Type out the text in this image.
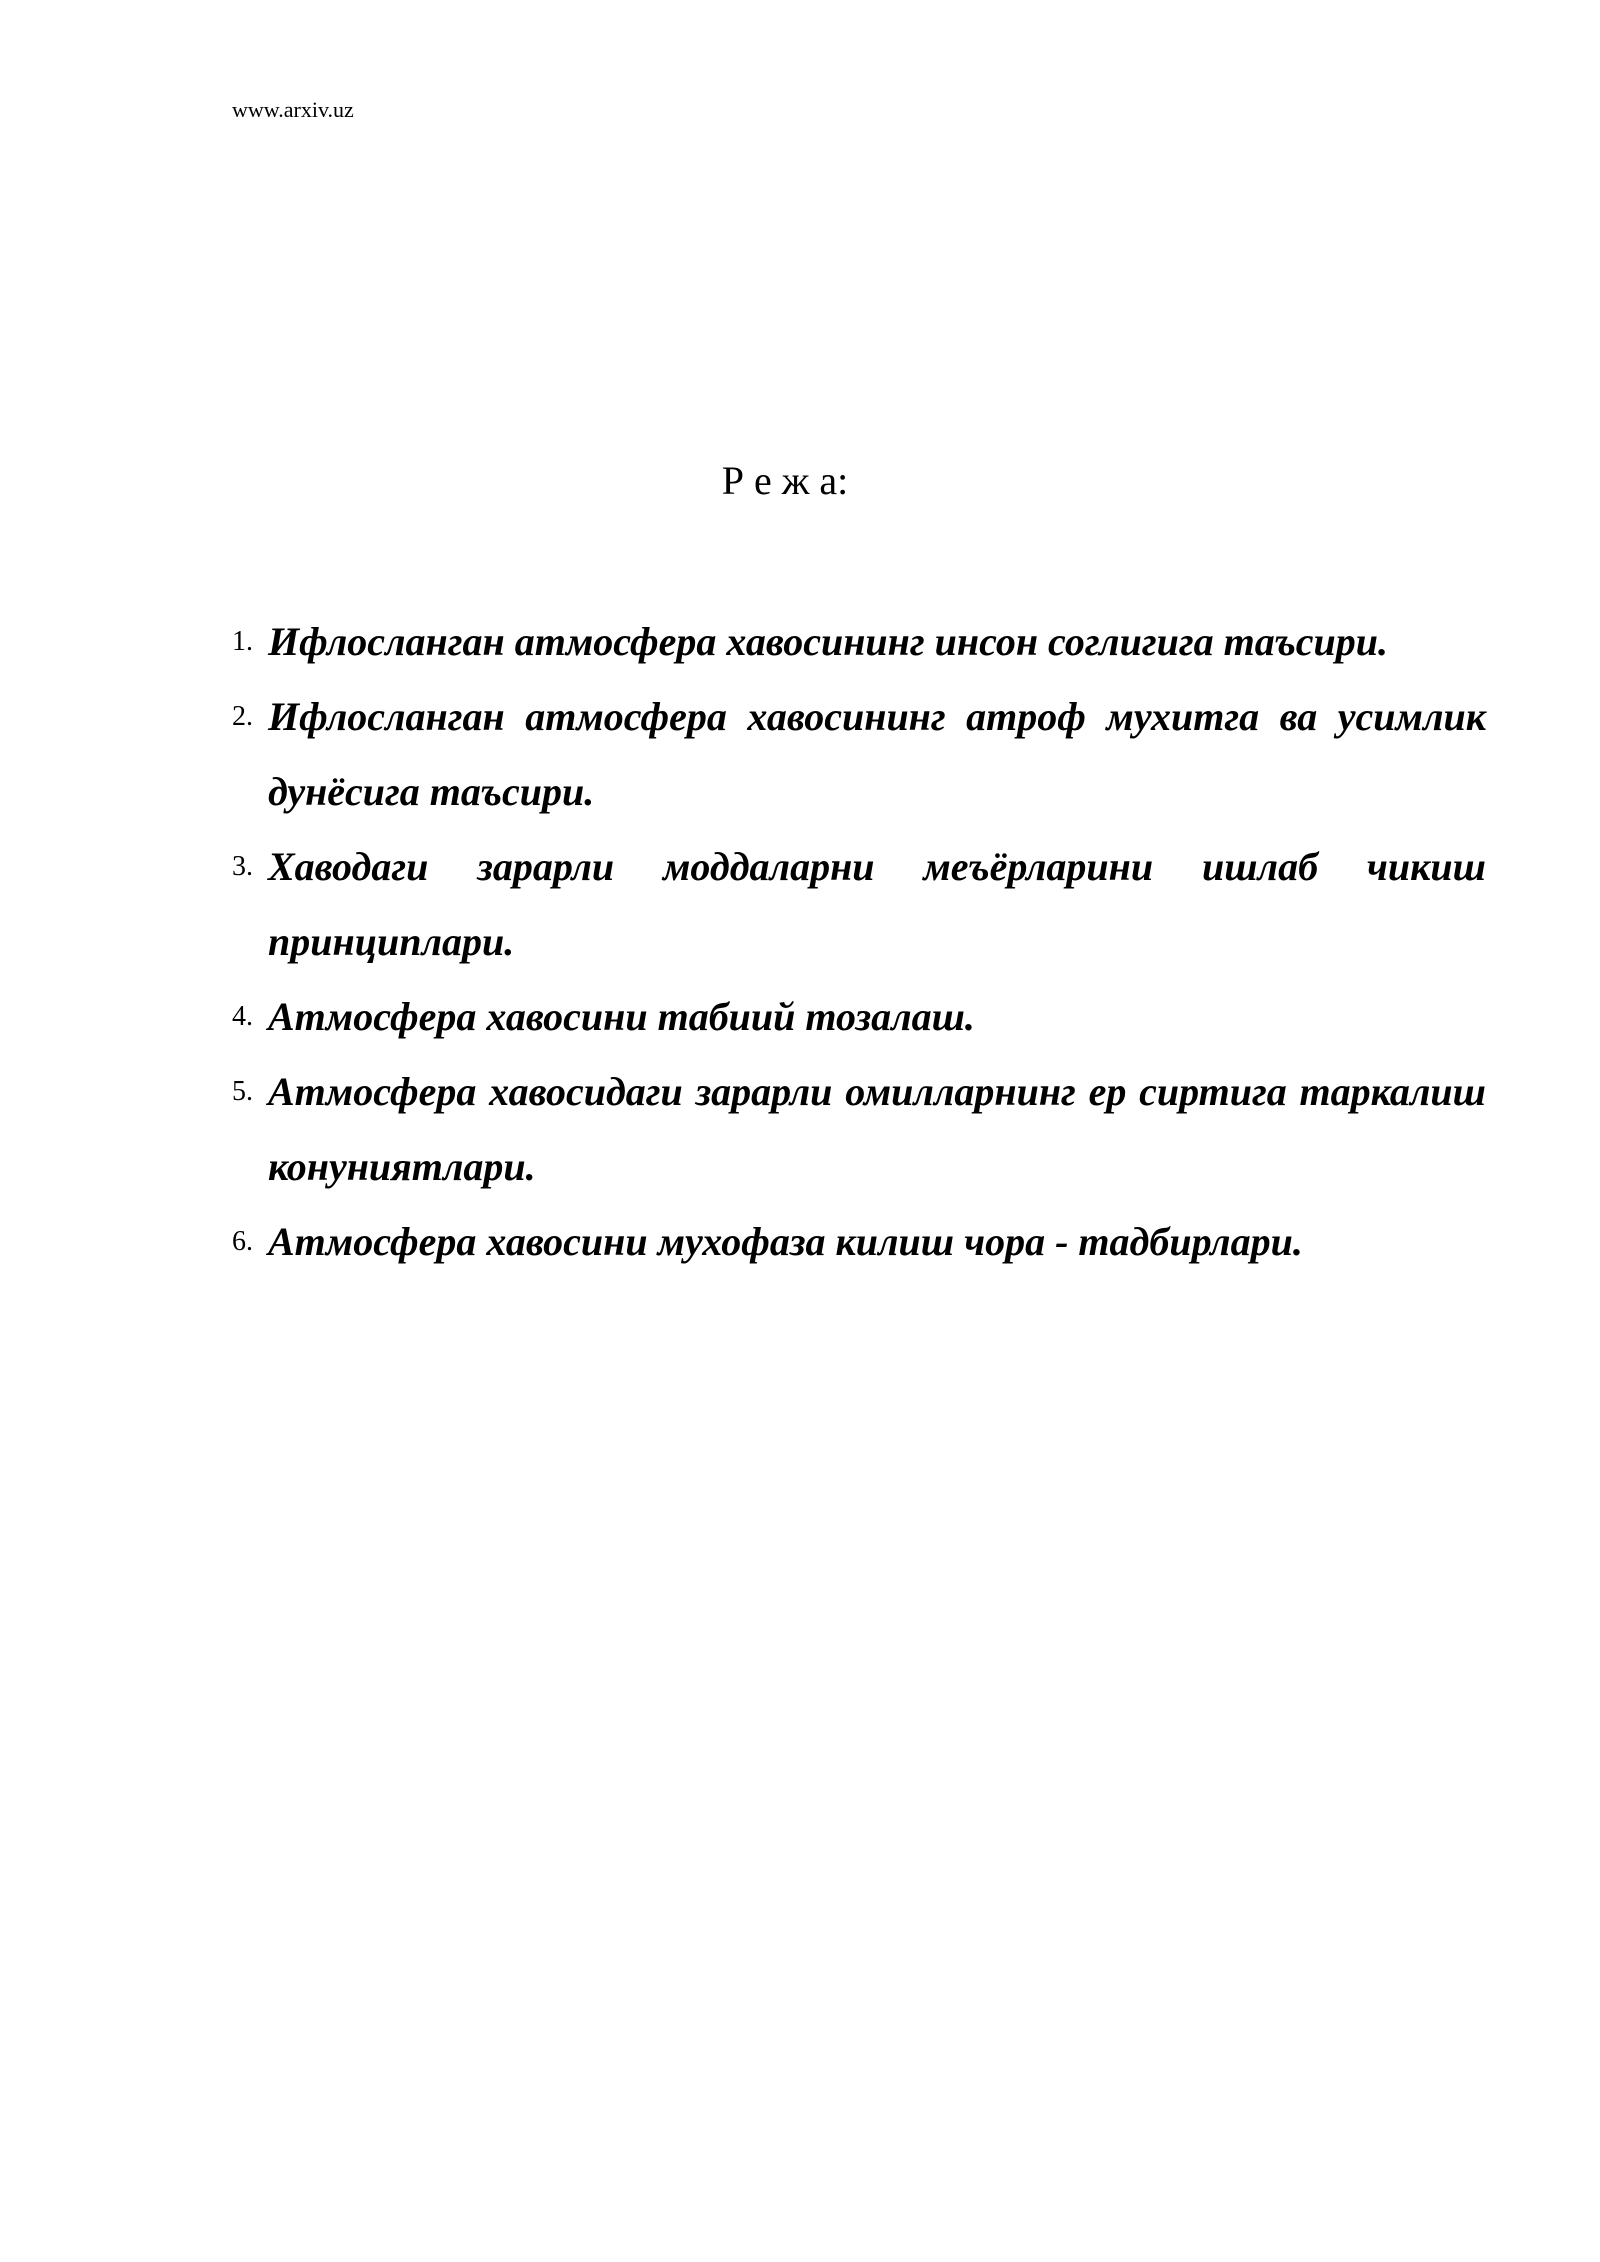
www.arxiv.uz
Р е ж а:
1. Ифлосланган атмосфера хавосининг инсон соглигига таъсири.
2. Ифлосланган атмосфера хавосининг атроф мухитга ва усимлик дунёсига таъсири.
3. Хаводаги зарарли моддаларни меъёрларини ишлаб чикиш принциплари.
4. Атмосфера хавосини табиий тозалаш.
5. Атмосфера хавосидаги зарарли омилларнинг ер сиртига таркалиш конуниятлари.
6. Атмосфера хавосини мухофаза килиш чора - тадбирлари.
